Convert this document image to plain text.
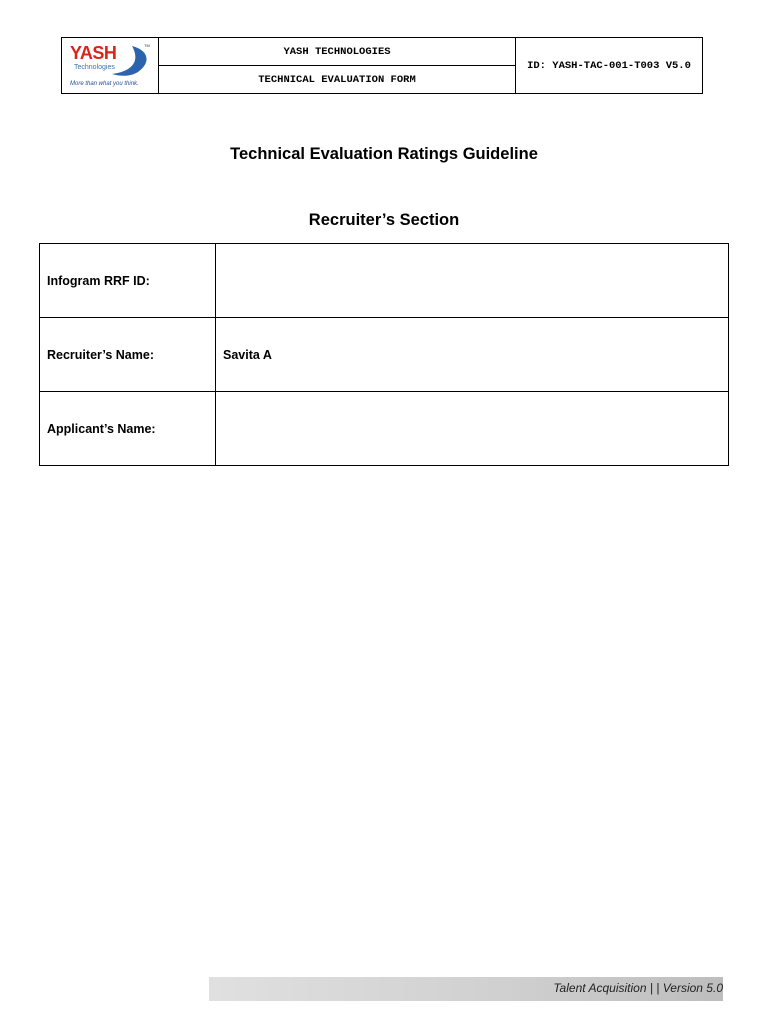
YASH	TM
Technologies
More than what you think.
YASH TECHNOLOGIES
TECHNICAL EVALUATION FORM
ID: YASH-TAC-001-T003 V5.0
Technical Evaluation Ratings Guideline
Recruiter’s Section
Infogram RRF ID:	
Recruiter’s Name:	Savita A
Applicant’s Name:	
Talent Acquisition | | Version 5.0
